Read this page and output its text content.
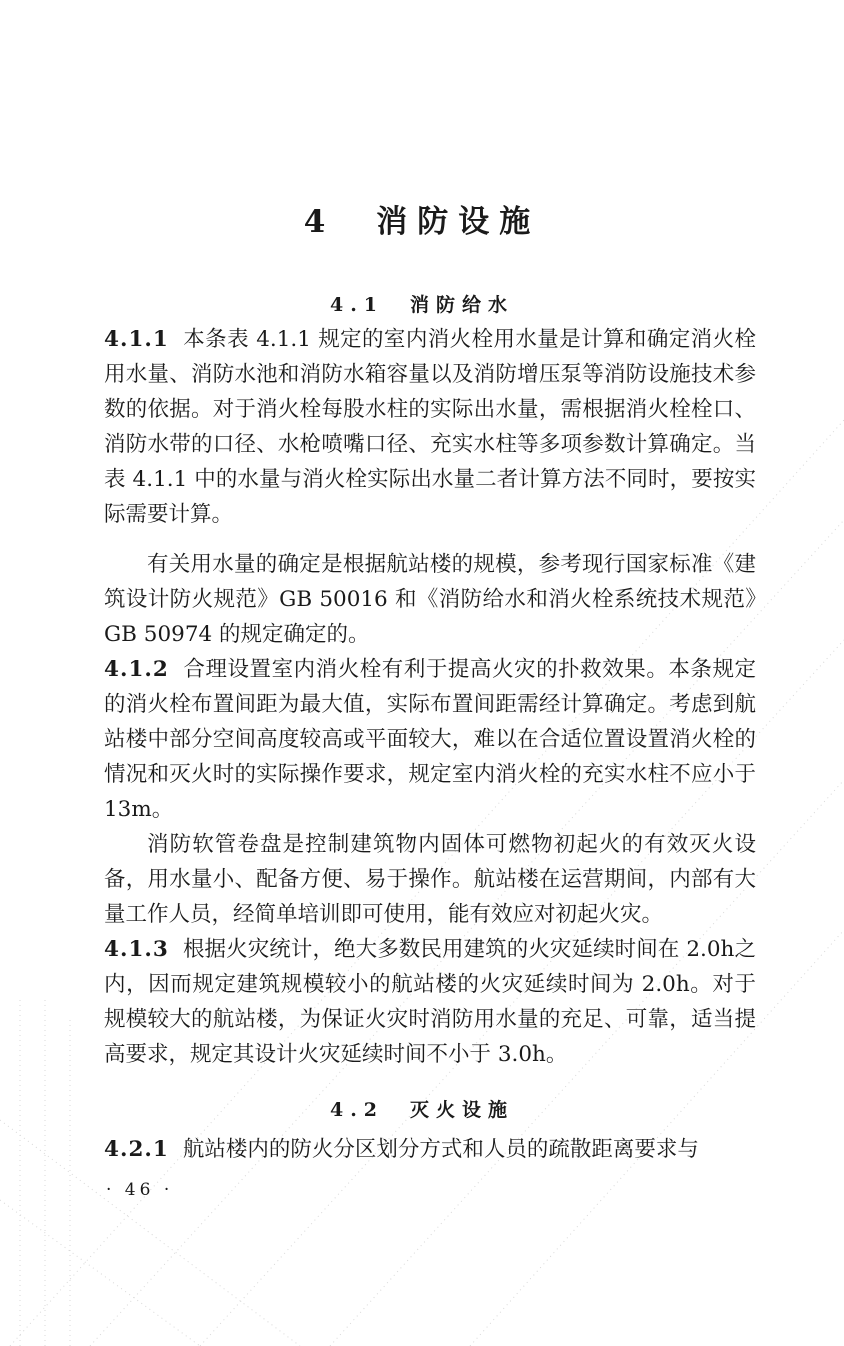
4　消防设施
4.1　消防给水

4.1.1 本条表 4.1.1 规定的室内消火栓用水量是计算和确定消火栓用水量、消防水池和消防水箱容量以及消防增压泵等消防设施技术参数的依据。对于消火栓每股水柱的实际出水量，需根据消火栓栓口、消防水带的口径、水枪喷嘴口径、充实水柱等多项参数计算确定。当表 4.1.1 中的水量与消火栓实际出水量二者计算方法不同时，要按实际需要计算。

有关用水量的确定是根据航站楼的规模，参考现行国家标准《建筑设计防火规范》GB 50016 和《消防给水和消火栓系统技术规范》GB 50974 的规定确定的。

4.1.2 合理设置室内消火栓有利于提高火灾的扑救效果。本条规定的消火栓布置间距为最大值，实际布置间距需经计算确定。考虑到航站楼中部分空间高度较高或平面较大，难以在合适位置设置消火栓的情况和灭火时的实际操作要求，规定室内消火栓的充实水柱不应小于 13m。

消防软管卷盘是控制建筑物内固体可燃物初起火的有效灭火设备，用水量小、配备方便、易于操作。航站楼在运营期间，内部有大量工作人员，经简单培训即可使用，能有效应对初起火灾。

4.1.3 根据火灾统计，绝大多数民用建筑的火灾延续时间在 2.0h之内，因而规定建筑规模较小的航站楼的火灾延续时间为 2.0h。对于规模较大的航站楼，为保证火灾时消防用水量的充足、可靠，适当提高要求，规定其设计火灾延续时间不小于 3.0h。

4.2　灭火设施

4.2.1 航站楼内的防火分区划分方式和人员的疏散距离要求与

· 46 ·
